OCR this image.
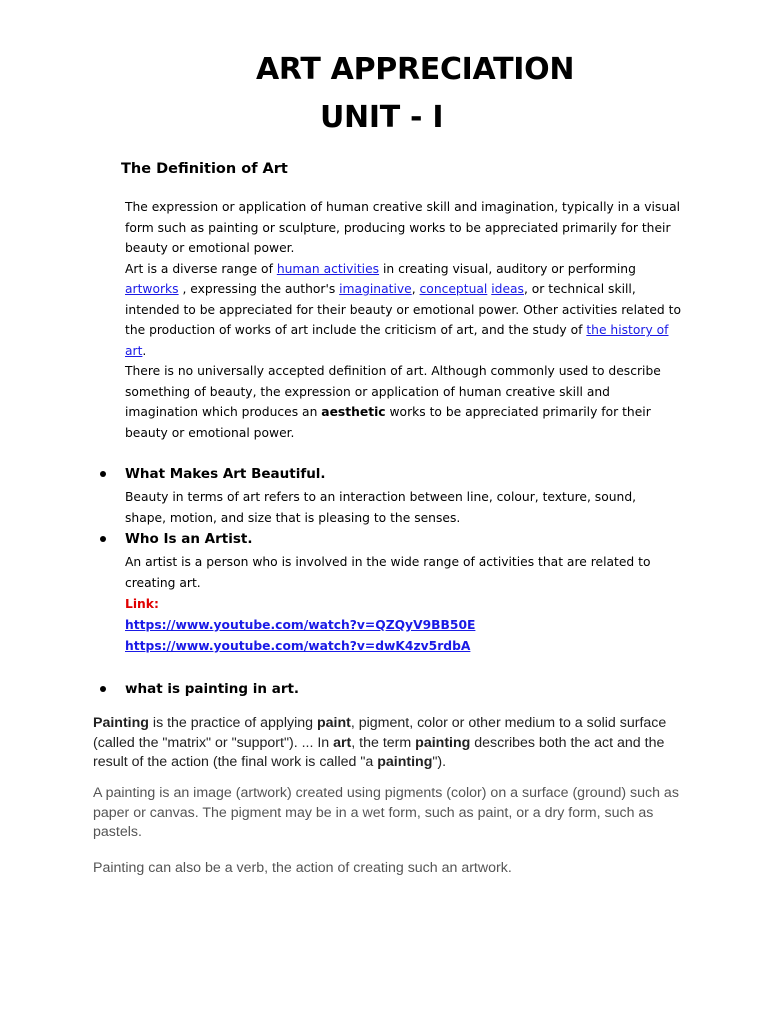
ART APPRECIATION
UNIT - I
The Definition of Art
The expression or application of human creative skill and imagination, typically in a visual form such as painting or sculpture, producing works to be appreciated primarily for their beauty or emotional power.
Art is a diverse range of human activities in creating visual, auditory or performing artworks , expressing the author's imaginative, conceptual ideas, or technical skill, intended to be appreciated for their beauty or emotional power. Other activities related to the production of works of art include the criticism of art, and the study of the history of art.
There is no universally accepted definition of art. Although commonly used to describe something of beauty, the expression or application of human creative skill and imagination which produces an aesthetic works to be appreciated primarily for their beauty or emotional power.
What Makes Art Beautiful.
Beauty in terms of art refers to an interaction between line, colour, texture, sound, shape, motion, and size that is pleasing to the senses.
Who Is an Artist.
An artist is a person who is involved in the wide range of activities that are related to creating art.
Link:
https://www.youtube.com/watch?v=QZQyV9BB50E
https://www.youtube.com/watch?v=dwK4zv5rdbA
what is painting in art.

Painting is the practice of applying paint, pigment, color or other medium to a solid surface (called the "matrix" or "support"). ... In art, the term painting describes both the act and the result of the action (the final work is called "a painting").

A painting is an image (artwork) created using pigments (color) on a surface (ground) such as paper or canvas. The pigment may be in a wet form, such as paint, or a dry form, such as pastels.

Painting can also be a verb, the action of creating such an artwork.
